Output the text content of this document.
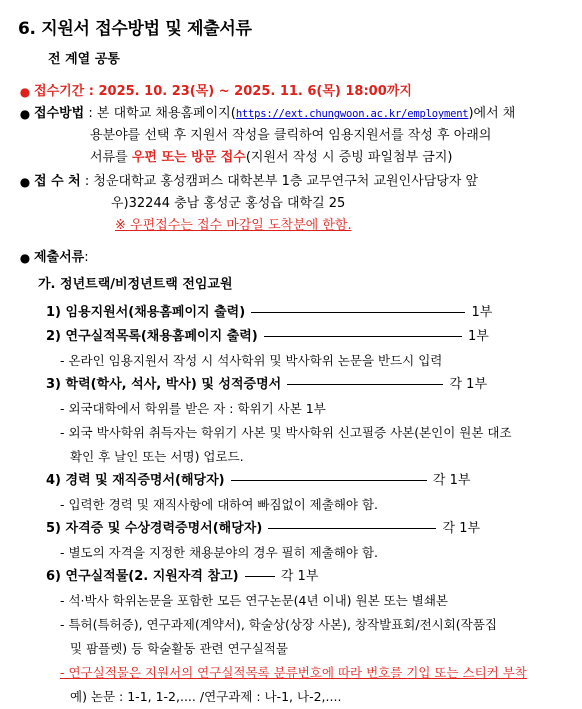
6. 지원서 접수방법 및 제출서류
전 계열 공통
● 접수기간 : 2025. 10. 23(목) ~ 2025. 11. 6(목) 18:00까지
● 접수방법 : 본 대학교 채용홈페이지(https://ext.chungwoon.ac.kr/employment)에서 채
용분야를 선택 후 지원서 작성을 클릭하여 임용지원서를 작성 후 아래의
서류를 우편 또는 방문 접수(지원서 작성 시 증빙 파일첨부 금지)
● 접 수 처 : 청운대학교 홍성캠퍼스 대학본부 1층 교무연구처 교원인사담당자 앞
우)32244 충남 홍성군 홍성읍 대학길 25
※ 우편접수는 접수 마감일 도착분에 한함.
● 제출서류:
가. 정년트랙/비정년트랙 전임교원
1) 임용지원서(채용홈페이지 출력)	1부
2) 연구실적목록(채용홈페이지 출력)	1부
- 온라인 임용지원서 작성 시 석사학위 및 박사학위 논문을 반드시 입력
3) 학력(학사, 석사, 박사) 및 성적증명서	각 1부
- 외국대학에서 학위를 받은 자 : 학위기 사본 1부
- 외국 박사학위 취득자는 학위기 사본 및 박사학위 신고필증 사본(본인이 원본 대조
확인 후 날인 또는 서명) 업로드.
4) 경력 및 재직증명서(해당자)	각 1부
- 입력한 경력 및 재직사항에 대하여 빠짐없이 제출해야 함.
5) 자격증 및 수상경력증명서(해당자)	각 1부
- 별도의 자격을 지정한 채용분야의 경우 필히 제출해야 함.
6) 연구실적물(2. 지원자격 참고)	각 1부
- 석·박사 학위논문을 포함한 모든 연구논문(4년 이내) 원본 또는 별쇄본
- 특허(특허증), 연구과제(계약서), 학술상(상장 사본), 창작발표회/전시회(작품집
및 팜플렛) 등 학술활동 관련 연구실적물
- 연구실적물은 지원서의 연구실적목록 분류번호에 따라 번호를 기입 또는 스티커 부착
예) 논문 : 1-1, 1-2,.... /연구과제 : 나-1, 나-2,....
